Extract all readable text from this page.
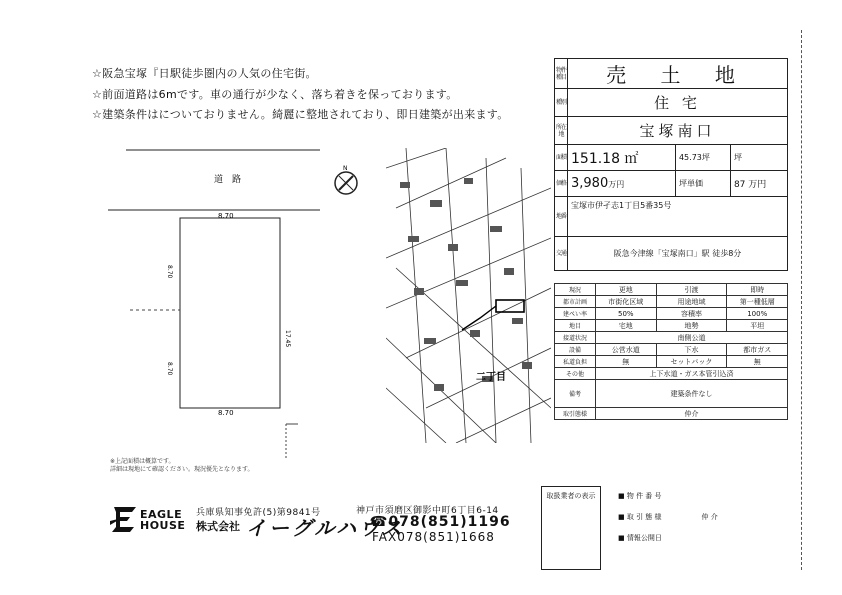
☆阪急宝塚『日駅徒歩圏内の人気の住宅街。
☆前面道路は6mです。車の通行が少なく、落ち着きを保っております。
☆建築条件はについておりません。綺麗に整地されており、即日建築が出来ます。
道　路
8.70
8.70
8.70
8.70
17.45
N
二丁目
物件種目	売 土 地		
種別	住 宅		
所在地	宝塚南口		
面積	151.18 ㎡	45.73坪	坪
価格	3,980万円	坪単価	87 万円
地番	宝塚市伊孑志1丁目5番35号		
交通	阪急今津線「宝塚南口」駅 徒歩8分		
現況	更地	引渡	即時
都市計画	市街化区域	用途地域	第一種低層
建ぺい率	50%	容積率	100%
地目	宅地	地勢	平坦
接道状況	南側公道		
設備	公営水道	下水	都市ガス
私道負担	無	セットバック	無
その他	上下水道・ガス本管引込済		
備考	建築条件なし		
取引態様	仲介		
※上記面積は概算です。
詳細は現地にて確認ください。現況優先となります。
取扱業者の表示	■ 物 件 番 号
■ 取 引 態 様	仲 介
■ 情報公開日
EAGLE
HOUSE
兵庫県知事免許(5)第9841号
株式会社 イーグルハウス
神戸市須磨区御影中町6丁目6-14
☎078(851)1196
FAX078(851)1668
